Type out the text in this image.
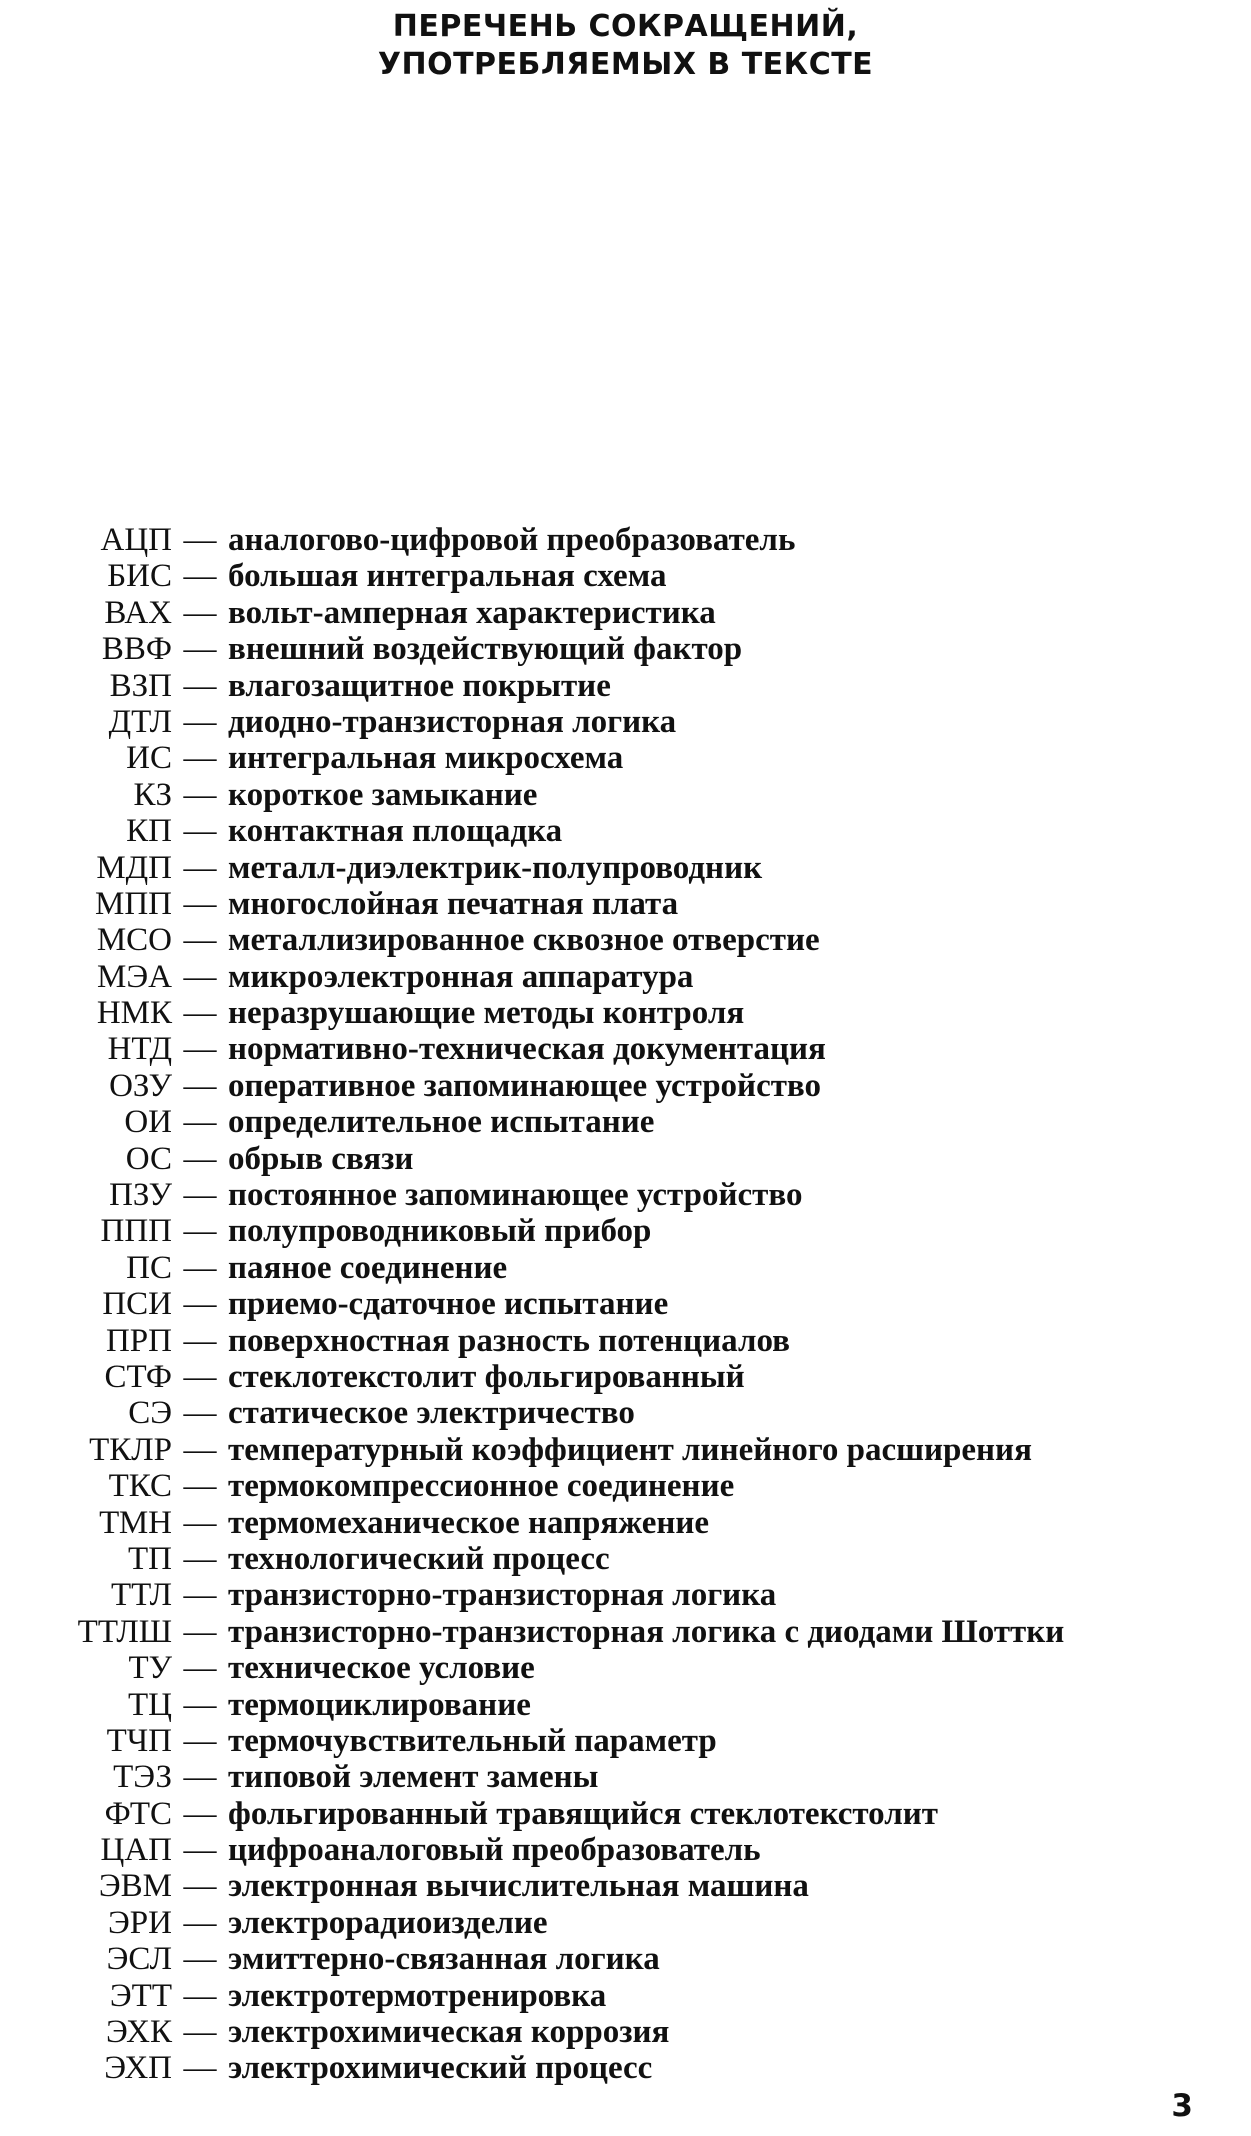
ПЕРЕЧЕНЬ СОКРАЩЕНИЙ,
УПОТРЕБЛЯЕМЫХ В ТЕКСТЕ
АЦП — аналогово-цифровой преобразователь
БИС — большая интегральная схема
ВАХ — вольт-амперная характеристика
ВВФ — внешний воздействующий фактор
ВЗП — влагозащитное покрытие
ДТЛ — диодно-транзисторная логика
ИС — интегральная микросхема
КЗ — короткое замыкание
КП — контактная площадка
МДП — металл-диэлектрик-полупроводник
МПП — многослойная печатная плата
МСО — металлизированное сквозное отверстие
МЭА — микроэлектронная аппаратура
НМК — неразрушающие методы контроля
НТД — нормативно-техническая документация
ОЗУ — оперативное запоминающее устройство
ОИ — определительное испытание
ОС — обрыв связи
ПЗУ — постоянное запоминающее устройство
ППП — полупроводниковый прибор
ПС — паяное соединение
ПСИ — приемо-сдаточное испытание
ПРП — поверхностная разность потенциалов
СТФ — стеклотекстолит фольгированный
СЭ — статическое электричество
ТКЛР — температурный коэффициент линейного расширения
ТКС — термокомпрессионное соединение
ТМН — термомеханическое напряжение
ТП — технологический процесс
ТТЛ — транзисторно-транзисторная логика
ТТЛШ — транзисторно-транзисторная логика с диодами Шоттки
ТУ — техническое условие
ТЦ — термоциклирование
ТЧП — термочувствительный параметр
ТЭЗ — типовой элемент замены
ФТС — фольгированный травящийся стеклотекстолит
ЦАП — цифроаналоговый преобразователь
ЭВМ — электронная вычислительная машина
ЭРИ — электрорадиоизделие
ЭСЛ — эмиттерно-связанная логика
ЭТТ — электротермотренировка
ЭХК — электрохимическая коррозия
ЭХП — электрохимический процесс
3
